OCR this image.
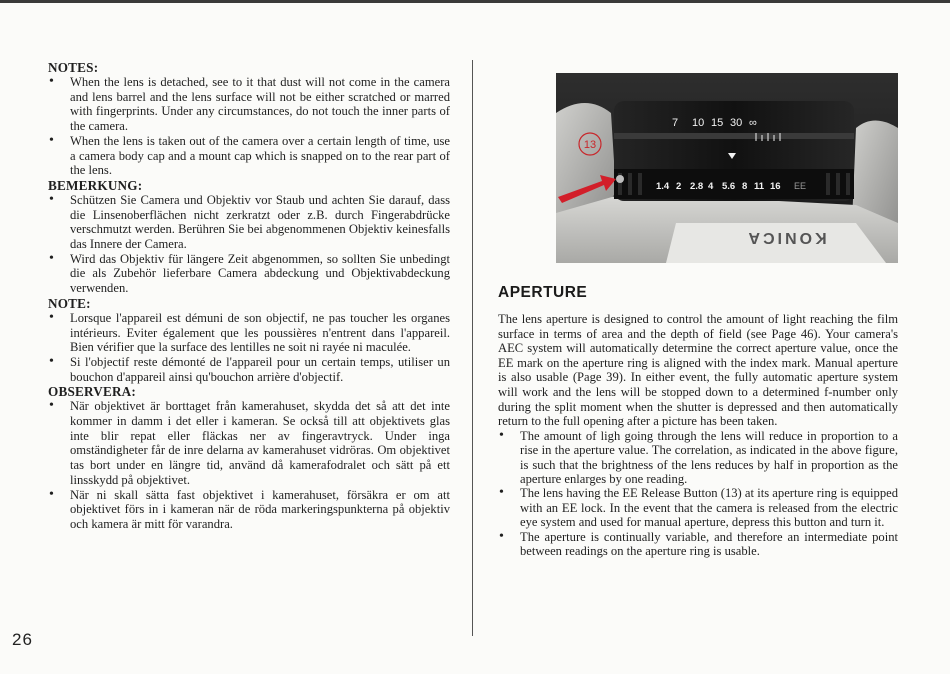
NOTES:
• When the lens is detached, see to it that dust will not come in the camera and lens barrel and the lens surface will not be either scratched or marred with fingerprints. Under any circumstances, do not touch the inner parts of the camera.
• When the lens is taken out of the camera over a certain length of time, use a camera body cap and a mount cap which is snapped on to the rear part of the lens.
BEMERKUNG:
• Schützen Sie Camera und Objektiv vor Staub und achten Sie darauf, dass die Linsenoberflächen nicht zerkratzt oder z.B. durch Fingerabdrücke verschmutzt werden. Berühren Sie bei abgenommenen Objektiv keinesfalls das Innere der Camera.
• Wird das Objektiv für längere Zeit abgenommen, so sollten Sie unbedingt die als Zubehör lieferbare Camera abdeckung und Objektivabdeckung verwenden.
NOTE:
• Lorsque l'appareil est démuni de son objectif, ne pas toucher les organes intérieurs. Eviter également que les poussières n'entrent dans l'appareil. Bien vérifier que la surface des lentilles ne soit ni rayée ni maculée.
• Si l'objectif reste démonté de l'appareil pour un certain temps, utiliser un bouchon d'appareil ainsi qu'bouchon arrière d'objectif.
OBSERVERA:
• När objektivet är borttaget från kamerahuset, skydda det så att det inte kommer in damm i det eller i kameran. Se också till att objektivets glas inte blir repat eller fläckas ner av fingeravtryck. Under inga omständigheter får de inre delarna av kamerahuset vidröras. Om objektivet tas bort under en längre tid, använd då kamerafodralet och sätt på ett linsskydd på objektivet.
• När ni skall sätta fast objektivet i kamerahuset, försäkra er om att objektivet förs in i kameran när de röda markeringspunkterna på objektiv och kamera är mitt för varandra.
7 10 15 30 ∞
1.4 2 2.8 4 5.6 8 11 16 EE
13
KONICA
APERTURE

The lens aperture is designed to control the amount of light reaching the film surface in terms of area and the depth of field (see Page 46). Your camera's AEC system will automatically determine the correct aperture value, once the EE mark on the aperture ring is aligned with the index mark. Manual aperture is also usable (Page 39). In either event, the fully automatic aperture system will work and the lens will be stopped down to a determined f-number only during the split moment when the shutter is depressed and then automatically return to the full opening after a picture has been taken.

• The amount of ligh going through the lens will reduce in proportion to a rise in the aperture value. The correlation, as indicated in the above figure, is such that the brightness of the lens reduces by half in proportion as the aperture enlarges by one reading.
• The lens having the EE Release Button (13) at its aperture ring is equipped with an EE lock. In the event that the camera is released from the electric eye system and used for manual aperture, depress this button and turn it.
• The aperture is continually variable, and therefore an intermediate point between readings on the aperture ring is usable.
26
